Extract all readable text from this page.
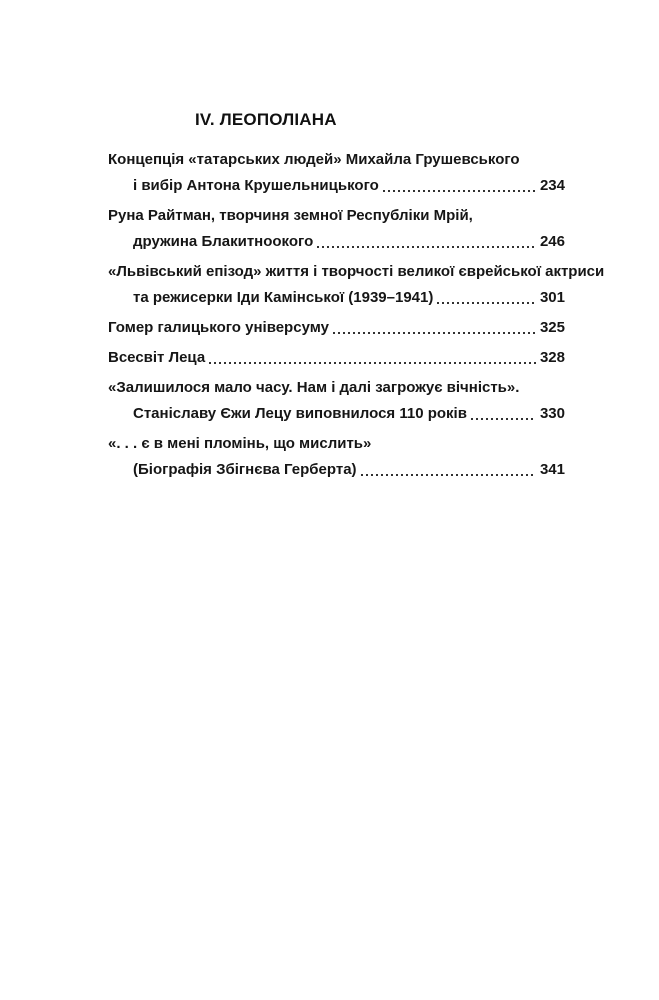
IV. ЛЕОПОЛІАНА
Концепція «татарських людей» Михайла Грушевського
і вибір Антона Крушельницького	234
Руна Райтман, творчиня земної Республіки Мрій,
дружина Блакитноокого	246
«Львівський епізод» життя і творчості великої єврейської актриси
та режисерки Іди Камінської (1939–1941)	301
Гомер галицького універсуму	325
Всесвіт Леца	328
«Залишилося мало часу. Нам і далі загрожує вічність».
Станіславу Єжи Лецу виповнилося 110 років	330
«. . . є в мені пломінь, що мислить»
(Біографія Збігнєва Герберта)	341
